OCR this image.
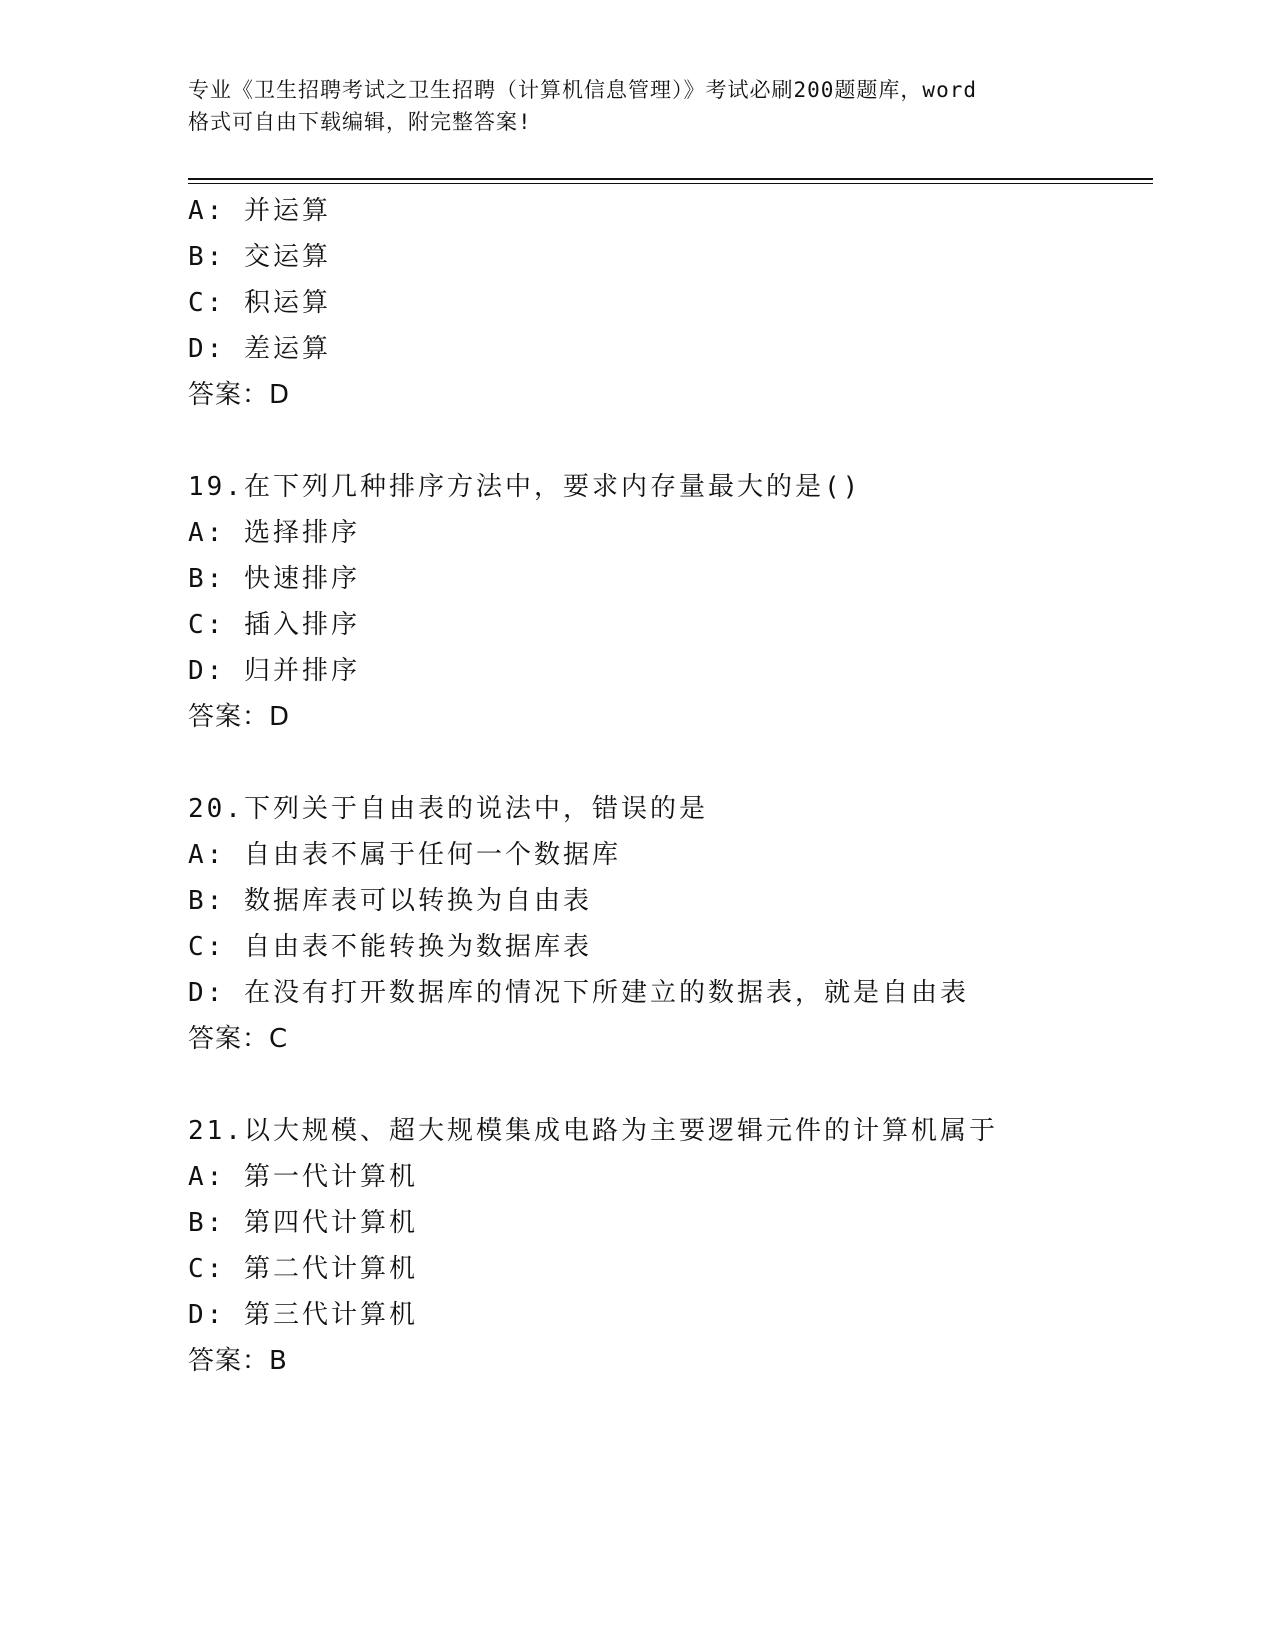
专业《卫生招聘考试之卫生招聘（计算机信息管理）》考试必刷200题题库，word
格式可自由下载编辑，附完整答案!
A: 并运算
B: 交运算
C: 积运算
D: 差运算
答案：D
19.在下列几种排序方法中，要求内存量最大的是()
A: 选择排序
B: 快速排序
C: 插入排序
D: 归并排序
答案：D
20.下列关于自由表的说法中，错误的是
A: 自由表不属于任何一个数据库
B: 数据库表可以转换为自由表
C: 自由表不能转换为数据库表
D: 在没有打开数据库的情况下所建立的数据表，就是自由表
答案：C
21.以大规模、超大规模集成电路为主要逻辑元件的计算机属于
A: 第一代计算机
B: 第四代计算机
C: 第二代计算机
D: 第三代计算机
答案：B
